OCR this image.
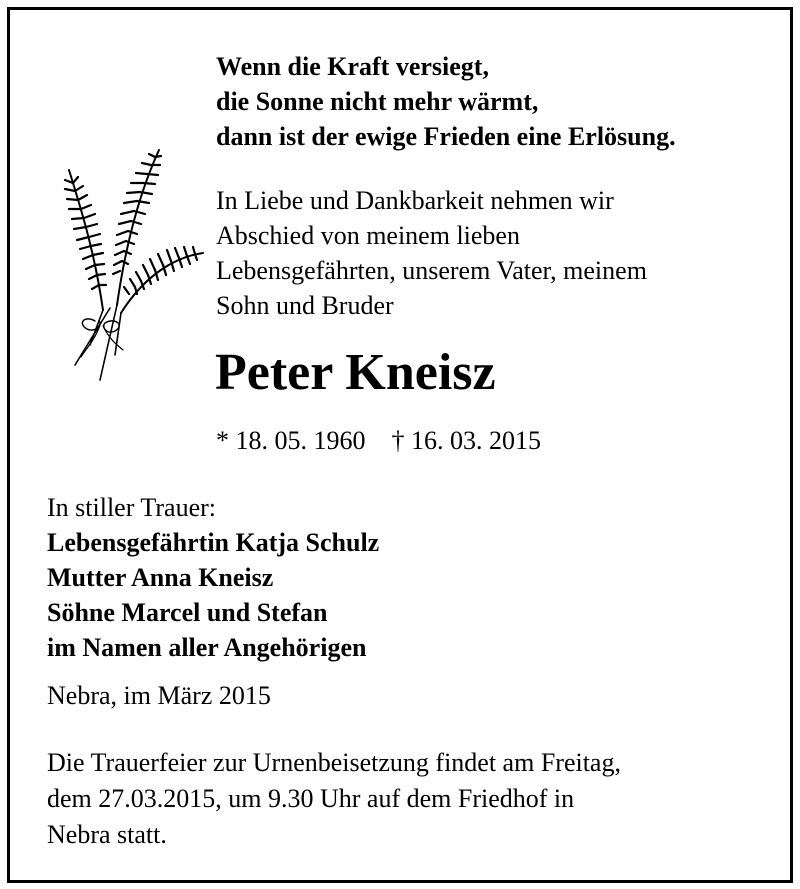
Wenn die Kraft versiegt,
die Sonne nicht mehr wärmt,
dann ist der ewige Frieden eine Erlösung.
In Liebe und Dankbarkeit nehmen wir
Abschied von meinem lieben
Lebensgefährten, unserem Vater, meinem
Sohn und Bruder
Peter Kneisz
* 18. 05. 1960 † 16. 03. 2015
In stiller Trauer:
Lebensgefährtin Katja Schulz
Mutter Anna Kneisz
Söhne Marcel und Stefan
im Namen aller Angehörigen
Nebra, im März 2015
Die Trauerfeier zur Urnenbeisetzung findet am Freitag,
dem 27.03.2015, um 9.30 Uhr auf dem Friedhof in
Nebra statt.
